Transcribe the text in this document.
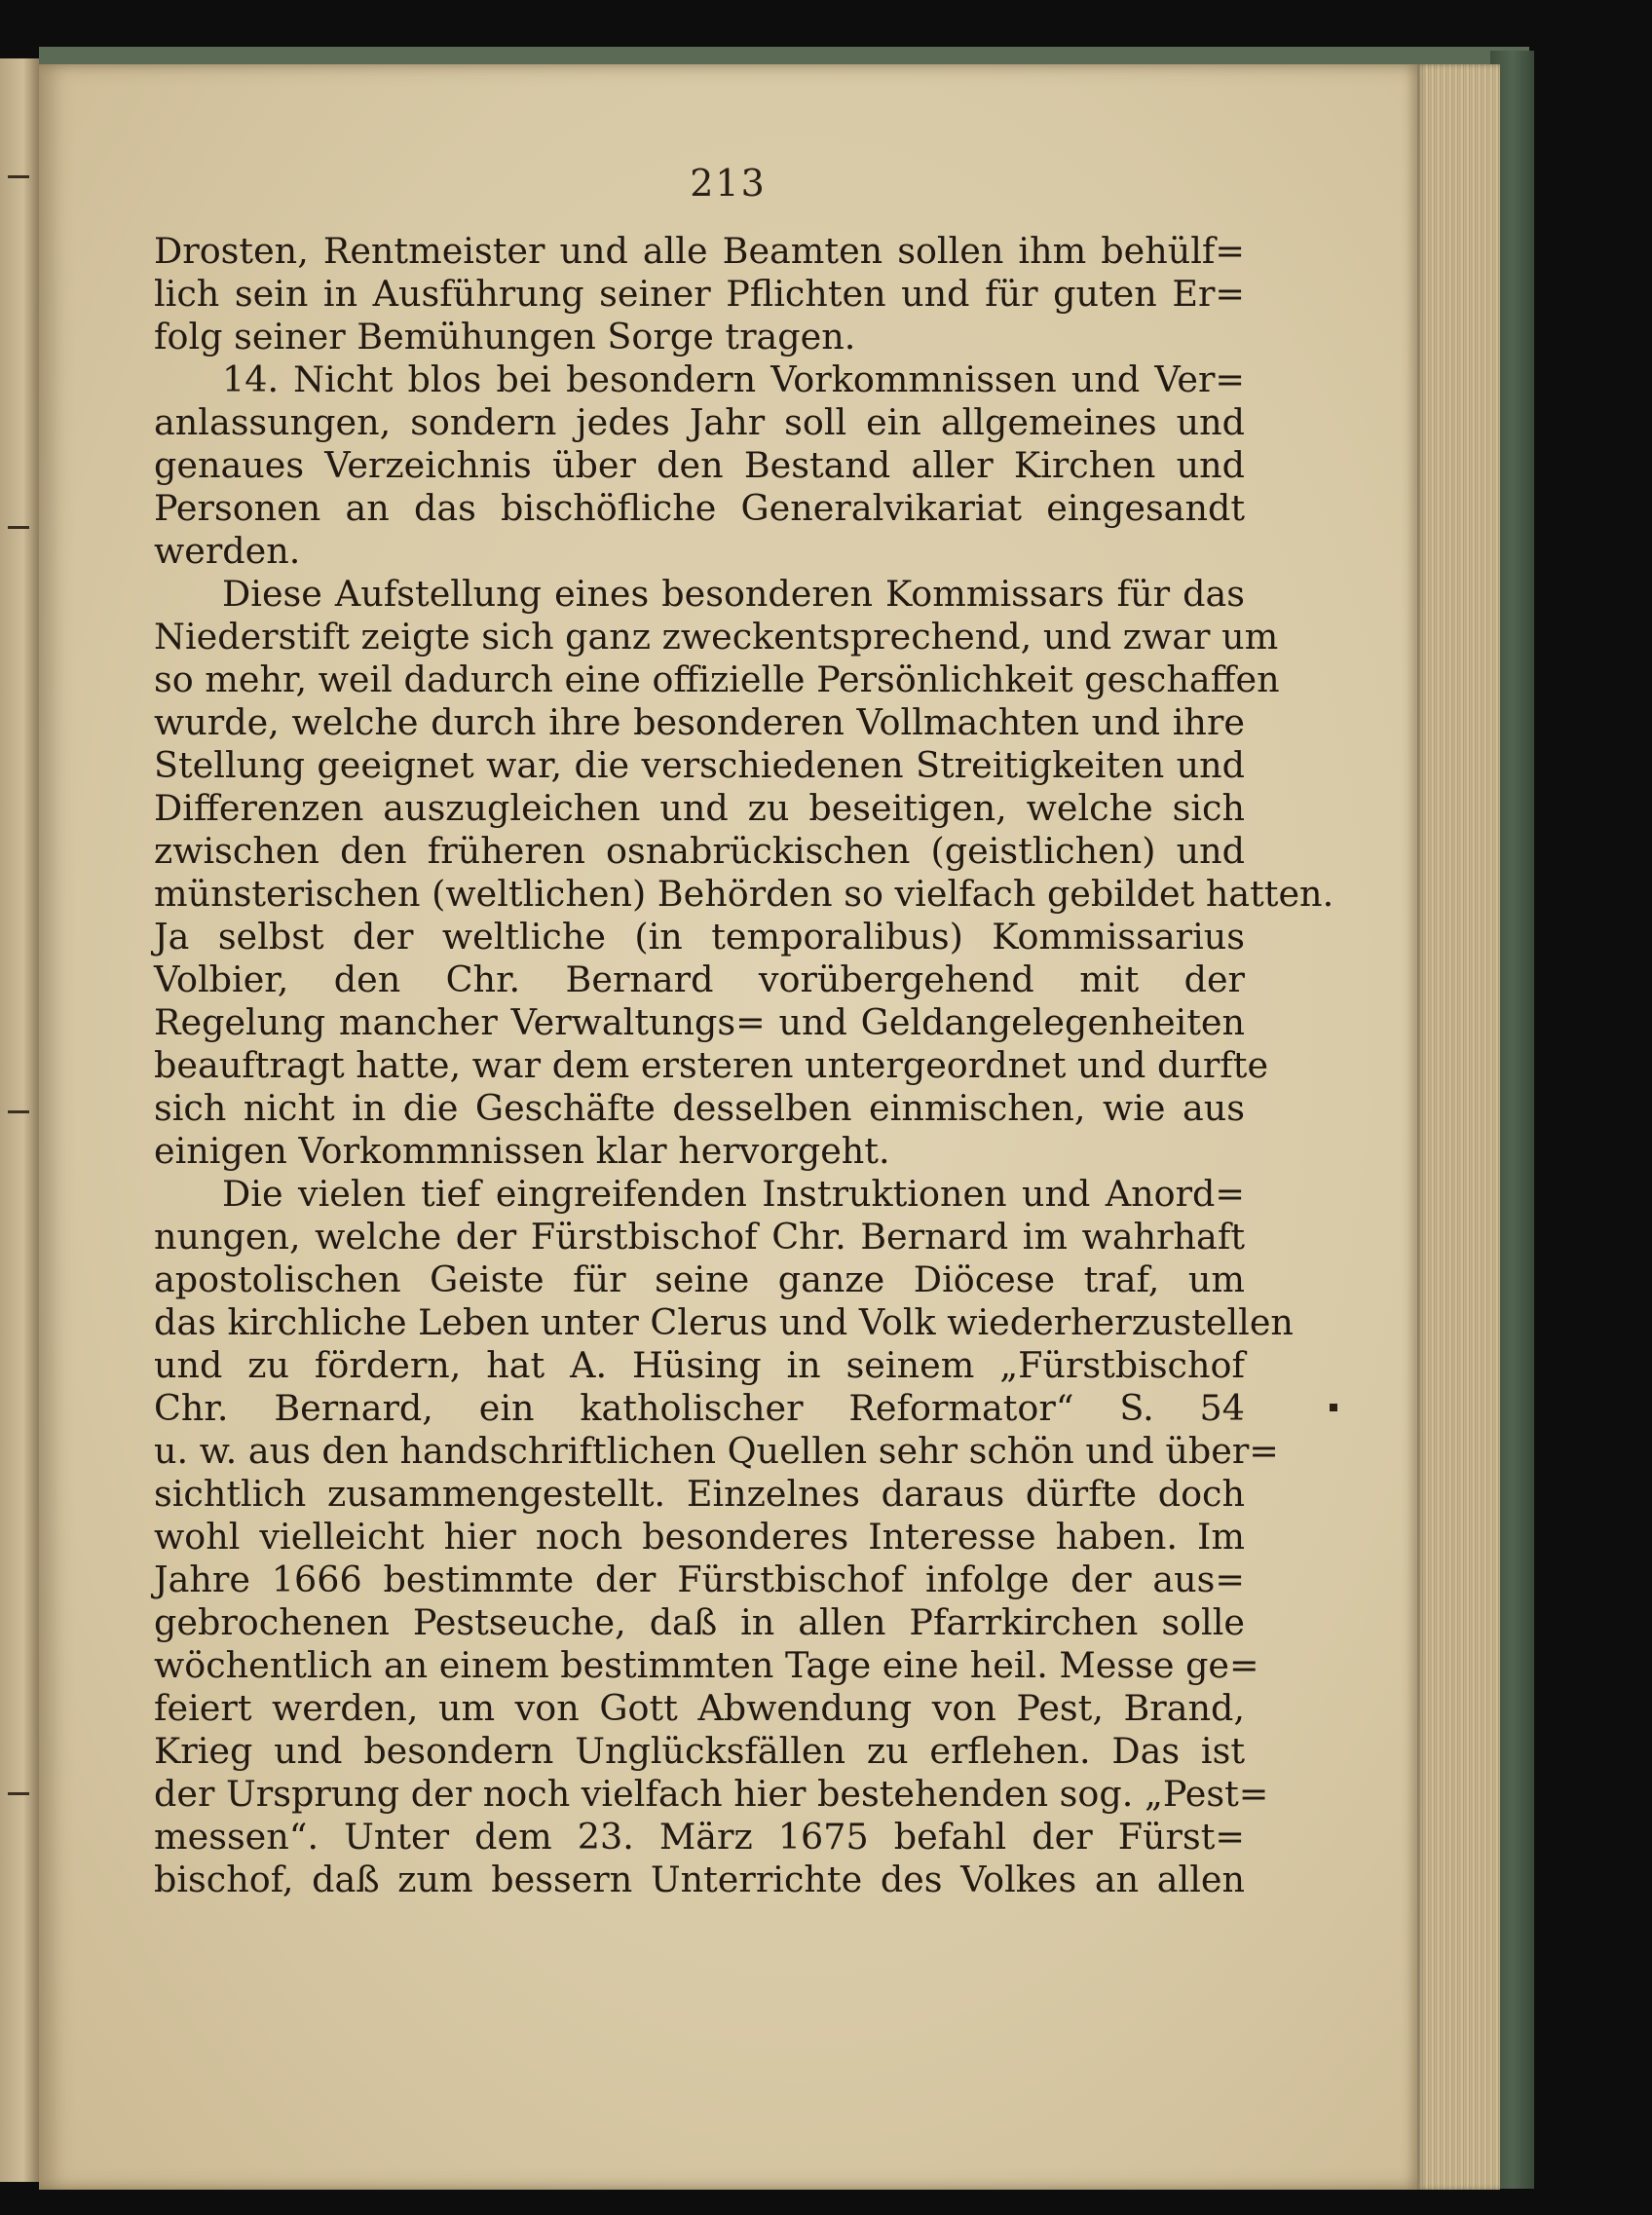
213
Drosten, Rentmeister und alle Beamten sollen ihm behülf=
lich sein in Ausführung seiner Pflichten und für guten Er=
folg seiner Bemühungen Sorge tragen.
14. Nicht blos bei besondern Vorkommnissen und Ver=
anlassungen, sondern jedes Jahr soll ein allgemeines und
genaues Verzeichnis über den Bestand aller Kirchen und
Personen an das bischöfliche Generalvikariat eingesandt
werden.
Diese Aufstellung eines besonderen Kommissars für das
Niederstift zeigte sich ganz zweckentsprechend, und zwar um
so mehr, weil dadurch eine offizielle Persönlichkeit geschaffen
wurde, welche durch ihre besonderen Vollmachten und ihre
Stellung geeignet war, die verschiedenen Streitigkeiten und
Differenzen auszugleichen und zu beseitigen, welche sich
zwischen den früheren osnabrückischen (geistlichen) und
münsterischen (weltlichen) Behörden so vielfach gebildet hatten.
Ja selbst der weltliche (in temporalibus) Kommissarius
Volbier, den Chr. Bernard vorübergehend mit der
Regelung mancher Verwaltungs= und Geldangelegenheiten
beauftragt hatte, war dem ersteren untergeordnet und durfte
sich nicht in die Geschäfte desselben einmischen, wie aus
einigen Vorkommnissen klar hervorgeht.
Die vielen tief eingreifenden Instruktionen und Anord=
nungen, welche der Fürstbischof Chr. Bernard im wahrhaft
apostolischen Geiste für seine ganze Diöcese traf, um
das kirchliche Leben unter Clerus und Volk wiederherzustellen
und zu fördern, hat A. Hüsing in seinem „Fürstbischof
Chr. Bernard, ein katholischer Reformator“ S. 54
u. w. aus den handschriftlichen Quellen sehr schön und über=
sichtlich zusammengestellt. Einzelnes daraus dürfte doch
wohl vielleicht hier noch besonderes Interesse haben. Im
Jahre 1666 bestimmte der Fürstbischof infolge der aus=
gebrochenen Pestseuche, daß in allen Pfarrkirchen solle
wöchentlich an einem bestimmten Tage eine heil. Messe ge=
feiert werden, um von Gott Abwendung von Pest, Brand,
Krieg und besondern Unglücksfällen zu erflehen. Das ist
der Ursprung der noch vielfach hier bestehenden sog. „Pest=
messen“. Unter dem 23. März 1675 befahl der Fürst=
bischof, daß zum bessern Unterrichte des Volkes an allen
